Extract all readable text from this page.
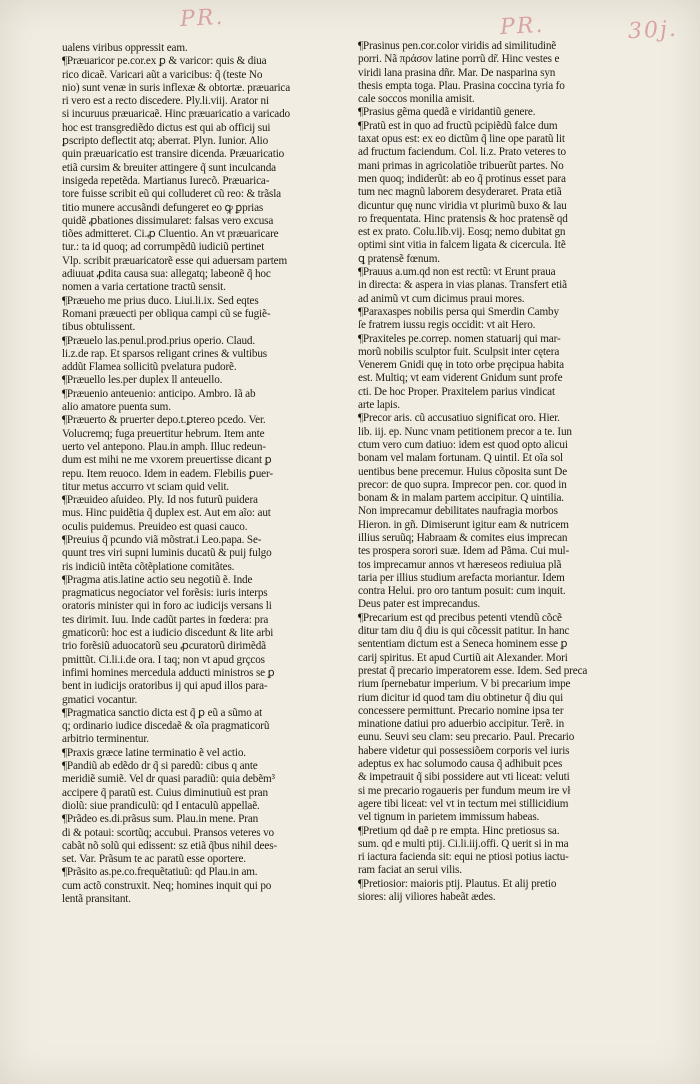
PR.	PR.	30j.
ualens viribus oppressit eam.
¶Præuaricor pe.cor.ex ꝑ & varicor: quis & diua
rico dicaẽ. Varicari aũt a varicibus: q̃ (teste No
nio) sunt venæ in suris inflexæ & obtortæ. præuarica
ri vero est a recto discedere. Ply.li.viij. Arator ni
si incuruus præuaricaẽ. Hinc præuaricatio a varicado
hoc est transgrediẽdo dictus est qui ab officij sui
ꝑscripto deflectit atq; aberrat. Plyn. Iunior. Alio
quin præuaricatio est transire dicenda. Præuaricatio
etiã cursim & breuiter attingere q̃ sunt inculcanda
insigeda repetẽda. Martianus Iurecõ. Præuarica-
tore fuisse scribit eũ qui colluderet cũ reo: & trãsla
titio munere accusãndi defungeret eo ꝙ ꝑprias
quidẽ ꝓbationes dissimularet: falsas vero excusa
tiões admitteret. Ci.ꝓ Cluentio. An vt præuaricare
tur.: ta id quoq; ad corrumpẽdũ iudiciũ pertinet
Vlp. scribit præuaricatorẽ esse qui aduersam partem
adiuuat ꝓdita causa sua: allegatq; labeonẽ q̃ hoc
nomen a varia certatione tractũ sensit.
¶Præueho me prius duco. Liui.li.ix. Sed eqtes
Romani præuecti per obliqua campi cũ se fugiẽ-
tibus obtulissent.
¶Præuelo las.penul.prod.prius operio. Claud.
li.z.de rap. Et sparsos religant crines & vultibus
addũt Flamea sollicitũ pvelatura pudorẽ.
¶Præuello les.per duplex ll anteuello.
¶Præuenio anteuenio: anticipo. Ambro. Iã ab
alio amatore puenta sum.
¶Præuerto & pruerter depo.t.ꝑtereo pcedo. Ver.
Volucremq; fuga preuertitur hebrum. Item ante
uerto vel antepono. Plau.in amph. Illuc redeun-
dum est mihi ne me vxorem preuertisse dicant ꝑ
repu. Item reuoco. Idem in eadem. Flebilis ꝑuer-
titur metus accurro vt sciam quid velit.
¶Præuideo aſuideo. Ply. Id nos futurũ puidera
mus. Hinc puidẽtia q̃ duplex est. Aut em aĩo: aut
oculis puidemus. Preuideo est quasi cauco.
¶Preuius q̃ pcundo viã mõstrat.i Leo.papa. Se-
quunt tres viri supni luminis ducatũ & puij fulgo
ris indiciũ intẽta cõtẽplatione comitãtes.
¶Pragma atis.latine actio seu negotiũ ẽ. Inde
pragmaticus negociator vel forẽsis: iuris interps
oratoris minister qui in foro ac iudicijs versans li
tes dirimit. Iuu. Inde cadũt partes in fœdera: pra
gmaticorũ: hoc est a iudicio discedunt & lite arbi
trio forẽsiũ aduocatorũ seu ꝓcuratorũ dirimẽdã
pmittũt. Ci.li.i.de ora. I taq; non vt apud grçcos
infimi homines mercedula adducti ministros se ꝑ
bent in iudicijs oratoribus ij qui apud illos para-
gmatici vocantur.
¶Pragmatica sanctio dicta est q̃ ꝑ eũ a sũmo at
q; ordinario iudice discedaẽ & oĩa pragmaticorũ
arbitrio terminentur.
¶Praxis græce latine terminatio ẽ vel actio.
¶Pandiũ ab edẽdo dr q̃ si paredũ: cibus q ante
meridiẽ sumiẽ. Vel dr quasi paradiũ: quia debẽm³
accipere q̃ paratũ est. Cuius diminutiuũ est pran
diolũ: siue prandiculũ: qd I entaculũ appellaẽ.
¶Prãdeo es.di.prãsus sum. Plau.in mene. Pran
di & potaui: scortũq; accubui. Pransos veteres vo
cabãt nõ solũ qui edissent: sz etiã q̃bus nihil dees-
set. Var. Prãsum te ac paratũ esse oportere.
¶Prãsito as.pe.co.frequẽtatiuũ: qd Plau.in am.
cum actõ construxit. Neq; homines inquit qui po
lentã pransitant.
¶Prasinus pen.cor.color viridis ad similitudinẽ
porri. Nã πράσον latine porrũ dr̃. Hinc vestes e
viridi lana prasina dñr. Mar. De nasparina syn
thesis empta toga. Plau. Prasina coccina tyria fo
cale soccos monilia amisit.
¶Prasius gẽma quedã e viridantiũ genere.
¶Pratũ est in quo ad fructũ pcipiẽdũ falce dum
taxat opus est: ex eo dictũm q̃ line ope paratũ lit
ad fructum faciendum. Col. li.z. Prato veteres to
mani primas in agricolatiõe tribuerũt partes. No
men quoq; indiderũt: ab eo q̃ protinus esset para
tum nec magnũ laborem desyderaret. Prata etiã
dicuntur quę nunc viridia vt plurimũ buxo & lau
ro frequentata. Hinc pratensis & hoc pratensẽ qd
est ex prato. Colu.lib.vij. Eosq; nemo dubitat gn
optimi sint vitia in falcem ligata & cicercula. Itẽ
ꝗ pratensẽ fœnum.
¶Prauus a.um.qd non est rectũ: vt Erunt praua
in directa: & aspera in vias planas. Transfert etiã
ad animũ vt cum dicimus praui mores.
¶Paraxaspes nobilis persa qui Smerdin Camby
ſe fratrem iussu regis occidit: vt ait Hero.
¶Praxiteles pe.correp. nomen statuarij qui mar-
morũ nobilis sculptor fuit. Sculpsit inter cętera
Venerem Gnidi quę in toto orbe pręcipua habita
est. Multiq; vt eam viderent Gnidum sunt profe
cti. De hoc Proper. Praxitelem parius vindicat
arte lapis.
¶Precor aris. cũ accusatiuo significat oro. Hier.
lib. iij. ep. Nunc vnam petitionem precor a te. Iun
ctum vero cum datiuo: idem est quod opto alicui
bonam vel malam fortunam. Q uintil. Et oĩa sol
uentibus bene precemur. Huius cõposita sunt De
precor: de quo supra. Imprecor pen. cor. quod in
bonam & in malam partem accipitur. Q uintilia.
Non imprecamur debilitates naufragia morbos
Hieron. in gñ. Dimiserunt igitur eam & nutricem
illius seruũq; Habraam & comites eius imprecan
tes prospera sorori suæ. Idem ad Pãma. Cui mul-
tos imprecamur annos vt hæreseos rediuiua plã
taria per illius studium arefacta moriantur. Idem
contra Helui. pro oro tantum posuit: cum inquit.
Deus pater est imprecandus.
¶Precarium est qd precibus petenti vtendũ cõcẽ
ditur tam diu q̃ diu is qui cõcessit patitur. In hanc
sententiam dictum est a Seneca hominem esse ꝑ
carij spiritus. Et apud Curtiũ ait Alexander. Mori
prestat q̃ precario imperatorem esse. Idem. Sed preca
rium ſpernebatur imperium. V bi precarium impe
rium dicitur id quod tam diu obtinetur q̃ diu qui
concessere permittunt. Precario nomine ipsa ter
minatione datiui pro aduerbio accipitur. Terẽ. in
eunu. Seuvi seu clam: seu precario. Paul. Precario
habere videtur qui possessiõem corporis vel iuris
adeptus ex hac solumodo causa q̃ adhibuit pces
& impetrauit q̃ sibi possidere aut vti liceat: veluti
si me precario rogaueris per fundum meum ire vł
agere tibi liceat: vel vt in tectum mei stillicidium
vel tignum in parietem immissum habeas.
¶Pretium qd daẽ p re empta. Hinc pretiosus sa.
sum. qd e multi ptij. Ci.li.iij.offi. Q uerit si in ma
ri iactura facienda sit: equi ne ptiosi potius iactu-
ram faciat an serui vilis.
¶Pretiosior: maioris ptij. Plautus. Et alij pretio
siores: alij viliores habeãt ædes.
